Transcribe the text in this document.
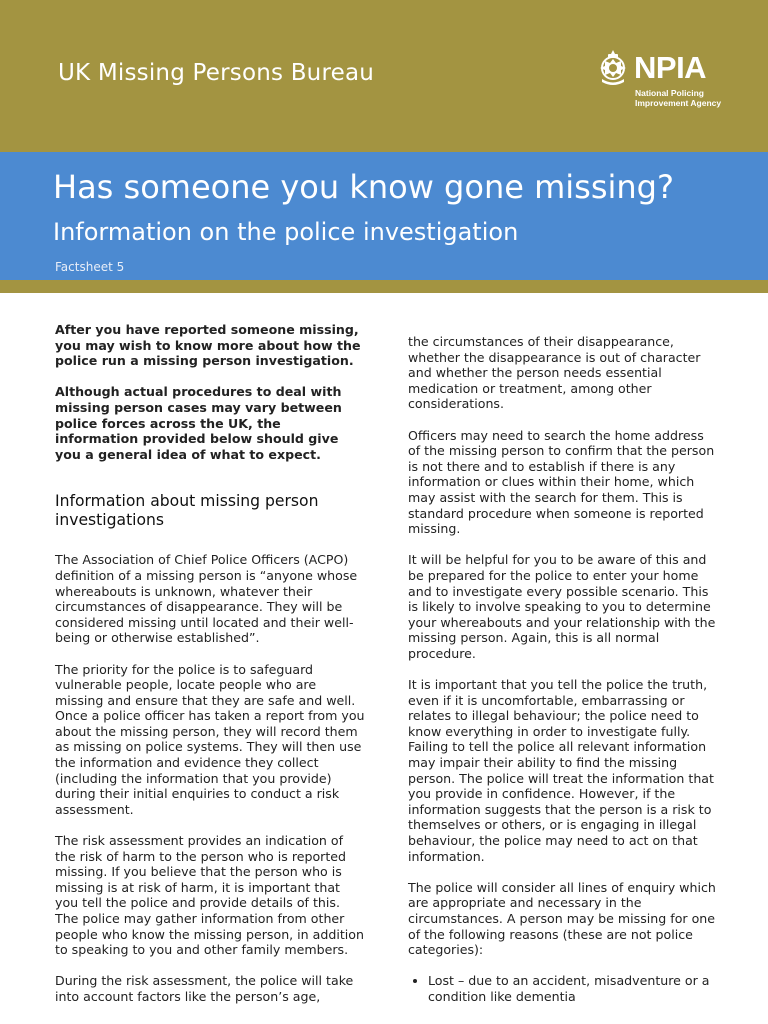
UK Missing Persons Bureau	NPIA
National Policing
Improvement Agency
Has someone you know gone missing?
Information on the police investigation
Factsheet 5

After you have reported someone missing, you may wish to know more about how the police run a missing person investigation.

Although actual procedures to deal with missing person cases may vary between police forces across the UK, the information provided below should give you a general idea of what to expect.

Information about missing person investigations

The Association of Chief Police Officers (ACPO) definition of a missing person is “anyone whose whereabouts is unknown, whatever their circumstances of disappearance. They will be considered missing until located and their well-being or otherwise established”.

The priority for the police is to safeguard vulnerable people, locate people who are missing and ensure that they are safe and well. Once a police officer has taken a report from you about the missing person, they will record them as missing on police systems. They will then use the information and evidence they collect (including the information that you provide) during their initial enquiries to conduct a risk assessment.

The risk assessment provides an indication of the risk of harm to the person who is reported missing. If you believe that the person who is missing is at risk of harm, it is important that you tell the police and provide details of this. The police may gather information from other people who know the missing person, in addition to speaking to you and other family members.

During the risk assessment, the police will take into account factors like the person’s age,

the circumstances of their disappearance, whether the disappearance is out of character and whether the person needs essential medication or treatment, among other considerations.

Officers may need to search the home address of the missing person to confirm that the person is not there and to establish if there is any information or clues within their home, which may assist with the search for them. This is standard procedure when someone is reported missing.

It will be helpful for you to be aware of this and be prepared for the police to enter your home and to investigate every possible scenario. This is likely to involve speaking to you to determine your whereabouts and your relationship with the missing person. Again, this is all normal procedure.

It is important that you tell the police the truth, even if it is uncomfortable, embarrassing or relates to illegal behaviour; the police need to know everything in order to investigate fully. Failing to tell the police all relevant information may impair their ability to find the missing person. The police will treat the information that you provide in confidence. However, if the information suggests that the person is a risk to themselves or others, or is engaging in illegal behaviour, the police may need to act on that information.

The police will consider all lines of enquiry which are appropriate and necessary in the circumstances. A person may be missing for one of the following reasons (these are not police categories):

• Lost – due to an accident, misadventure or a condition like dementia
